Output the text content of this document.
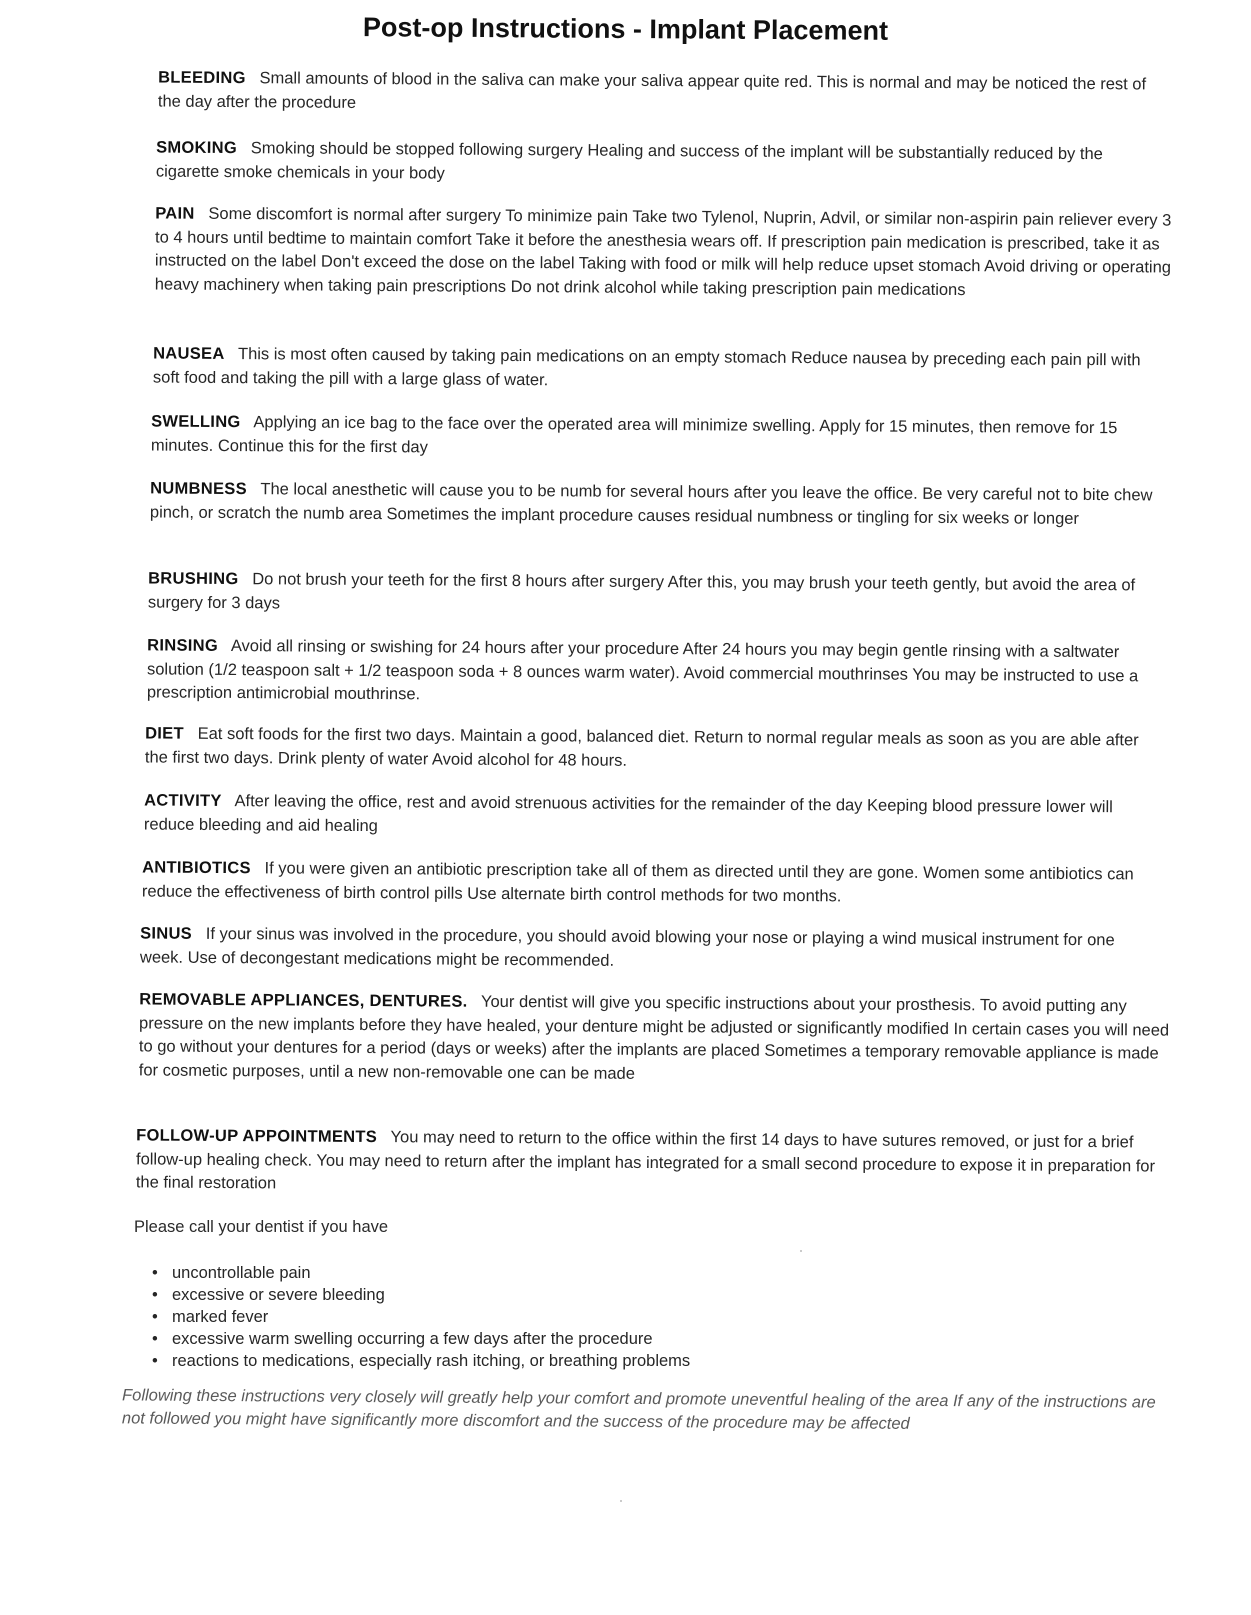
Post-op Instructions - Implant Placement

BLEEDING Small amounts of blood in the saliva can make your saliva appear quite red. This is normal and may be noticed the rest of the day after the procedure

SMOKING Smoking should be stopped following surgery Healing and success of the implant will be substantially reduced by the cigarette smoke chemicals in your body

PAIN Some discomfort is normal after surgery To minimize pain Take two Tylenol, Nuprin, Advil, or similar non-aspirin pain reliever every 3 to 4 hours until bedtime to maintain comfort Take it before the anesthesia wears off. If prescription pain medication is prescribed, take it as instructed on the label Don't exceed the dose on the label Taking with food or milk will help reduce upset stomach Avoid driving or operating heavy machinery when taking pain prescriptions Do not drink alcohol while taking prescription pain medications

NAUSEA This is most often caused by taking pain medications on an empty stomach Reduce nausea by preceding each pain pill with soft food and taking the pill with a large glass of water.

SWELLING Applying an ice bag to the face over the operated area will minimize swelling. Apply for 15 minutes, then remove for 15 minutes. Continue this for the first day

NUMBNESS The local anesthetic will cause you to be numb for several hours after you leave the office. Be very careful not to bite chew pinch, or scratch the numb area Sometimes the implant procedure causes residual numbness or tingling for six weeks or longer

BRUSHING Do not brush your teeth for the first 8 hours after surgery After this, you may brush your teeth gently, but avoid the area of surgery for 3 days

RINSING Avoid all rinsing or swishing for 24 hours after your procedure After 24 hours you may begin gentle rinsing with a saltwater solution (1/2 teaspoon salt + 1/2 teaspoon soda + 8 ounces warm water). Avoid commercial mouthrinses You may be instructed to use a prescription antimicrobial mouthrinse.

DIET Eat soft foods for the first two days. Maintain a good, balanced diet. Return to normal regular meals as soon as you are able after the first two days. Drink plenty of water Avoid alcohol for 48 hours.

ACTIVITY After leaving the office, rest and avoid strenuous activities for the remainder of the day Keeping blood pressure lower will reduce bleeding and aid healing

ANTIBIOTICS If you were given an antibiotic prescription take all of them as directed until they are gone. Women some antibiotics can reduce the effectiveness of birth control pills Use alternate birth control methods for two months.

SINUS If your sinus was involved in the procedure, you should avoid blowing your nose or playing a wind musical instrument for one week. Use of decongestant medications might be recommended.

REMOVABLE APPLIANCES, DENTURES. Your dentist will give you specific instructions about your prosthesis. To avoid putting any pressure on the new implants before they have healed, your denture might be adjusted or significantly modified In certain cases you will need to go without your dentures for a period (days or weeks) after the implants are placed Sometimes a temporary removable appliance is made for cosmetic purposes, until a new non-removable one can be made

FOLLOW-UP APPOINTMENTS You may need to return to the office within the first 14 days to have sutures removed, or just for a brief follow-up healing check. You may need to return after the implant has integrated for a small second procedure to expose it in preparation for the final restoration

Please call your dentist if you have

• uncontrollable pain
• excessive or severe bleeding
• marked fever
• excessive warm swelling occurring a few days after the procedure
• reactions to medications, especially rash itching, or breathing problems

Following these instructions very closely will greatly help your comfort and promote uneventful healing of the area If any of the instructions are not followed you might have significantly more discomfort and the success of the procedure may be affected
